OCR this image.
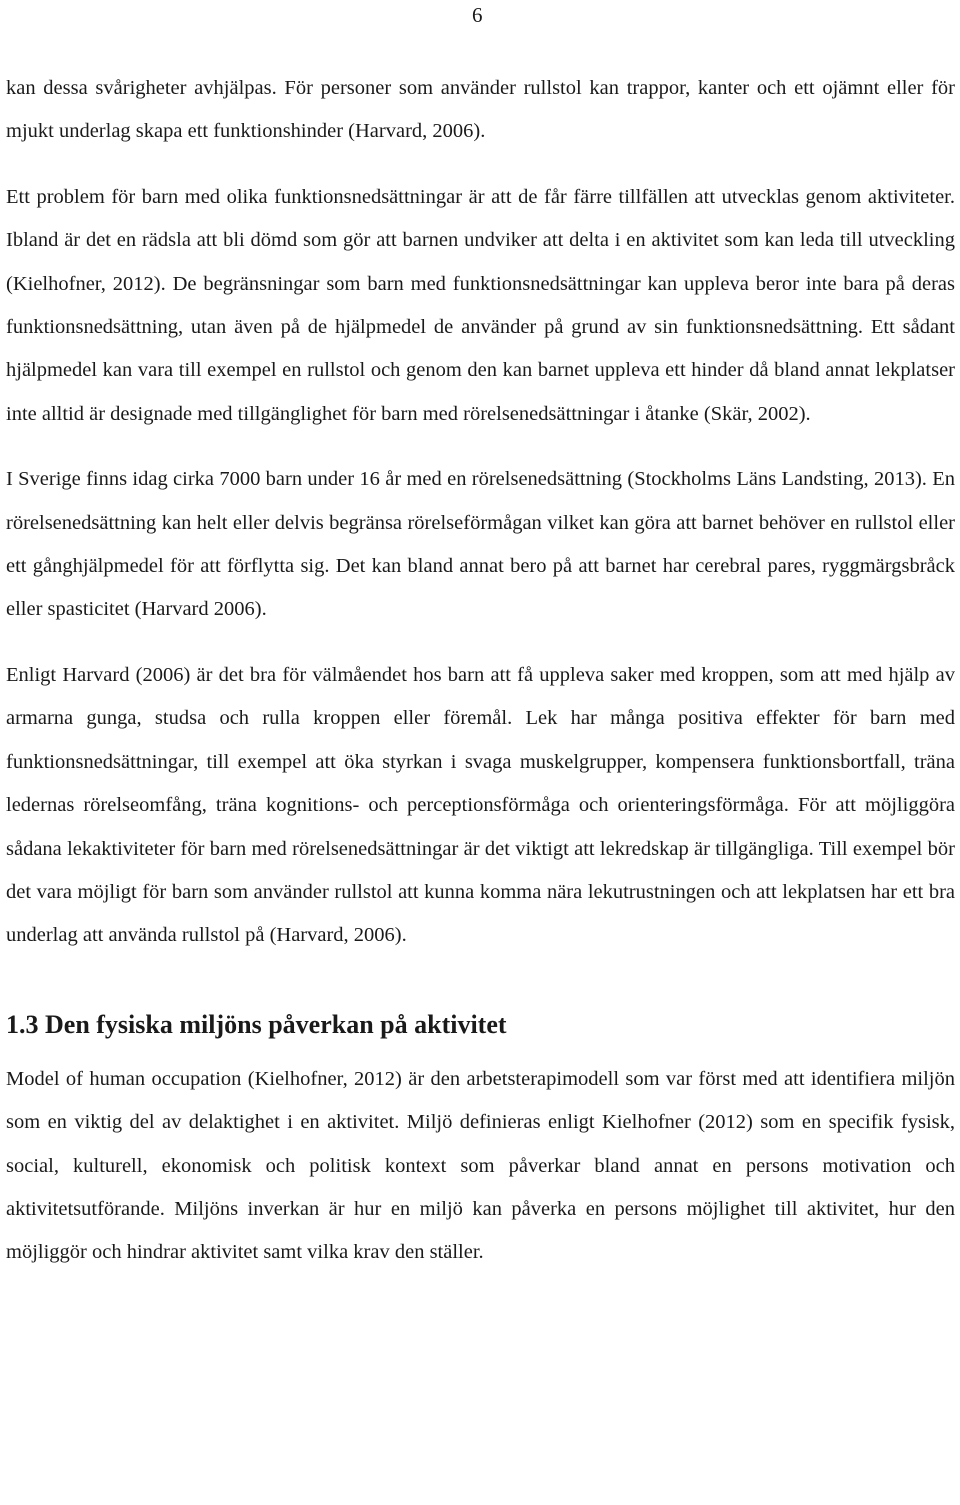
6

kan dessa svårigheter avhjälpas. För personer som använder rullstol kan trappor, kanter och ett ojämnt eller för mjukt underlag skapa ett funktionshinder (Harvard, 2006).

Ett problem för barn med olika funktionsnedsättningar är att de får färre tillfällen att utvecklas genom aktiviteter. Ibland är det en rädsla att bli dömd som gör att barnen undviker att delta i en aktivitet som kan leda till utveckling (Kielhofner, 2012). De begränsningar som barn med funktionsnedsättningar kan uppleva beror inte bara på deras funktionsnedsättning, utan även på de hjälpmedel de använder på grund av sin funktionsnedsättning. Ett sådant hjälpmedel kan vara till exempel en rullstol och genom den kan barnet uppleva ett hinder då bland annat lekplatser inte alltid är designade med tillgänglighet för barn med rörelsenedsättningar i åtanke (Skär, 2002).

I Sverige finns idag cirka 7000 barn under 16 år med en rörelsenedsättning (Stockholms Läns Landsting, 2013). En rörelsenedsättning kan helt eller delvis begränsa rörelseförmågan vilket kan göra att barnet behöver en rullstol eller ett gånghjälpmedel för att förflytta sig. Det kan bland annat bero på att barnet har cerebral pares, ryggmärgsbråck eller spasticitet (Harvard 2006).

Enligt Harvard (2006) är det bra för välmåendet hos barn att få uppleva saker med kroppen, som att med hjälp av armarna gunga, studsa och rulla kroppen eller föremål. Lek har många positiva effekter för barn med funktionsnedsättningar, till exempel att öka styrkan i svaga muskelgrupper, kompensera funktionsbortfall, träna ledernas rörelseomfång, träna kognitions- och perceptionsförmåga och orienteringsförmåga. För att möjliggöra sådana lekaktiviteter för barn med rörelsenedsättningar är det viktigt att lekredskap är tillgängliga. Till exempel bör det vara möjligt för barn som använder rullstol att kunna komma nära lekutrustningen och att lekplatsen har ett bra underlag att använda rullstol på (Harvard, 2006).

1.3 Den fysiska miljöns påverkan på aktivitet

Model of human occupation (Kielhofner, 2012) är den arbetsterapimodell som var först med att identifiera miljön som en viktig del av delaktighet i en aktivitet. Miljö definieras enligt Kielhofner (2012) som en specifik fysisk, social, kulturell, ekonomisk och politisk kontext som påverkar bland annat en persons motivation och aktivitetsutförande. Miljöns inverkan är hur en miljö kan påverka en persons möjlighet till aktivitet, hur den möjliggör och hindrar aktivitet samt vilka krav den ställer.
